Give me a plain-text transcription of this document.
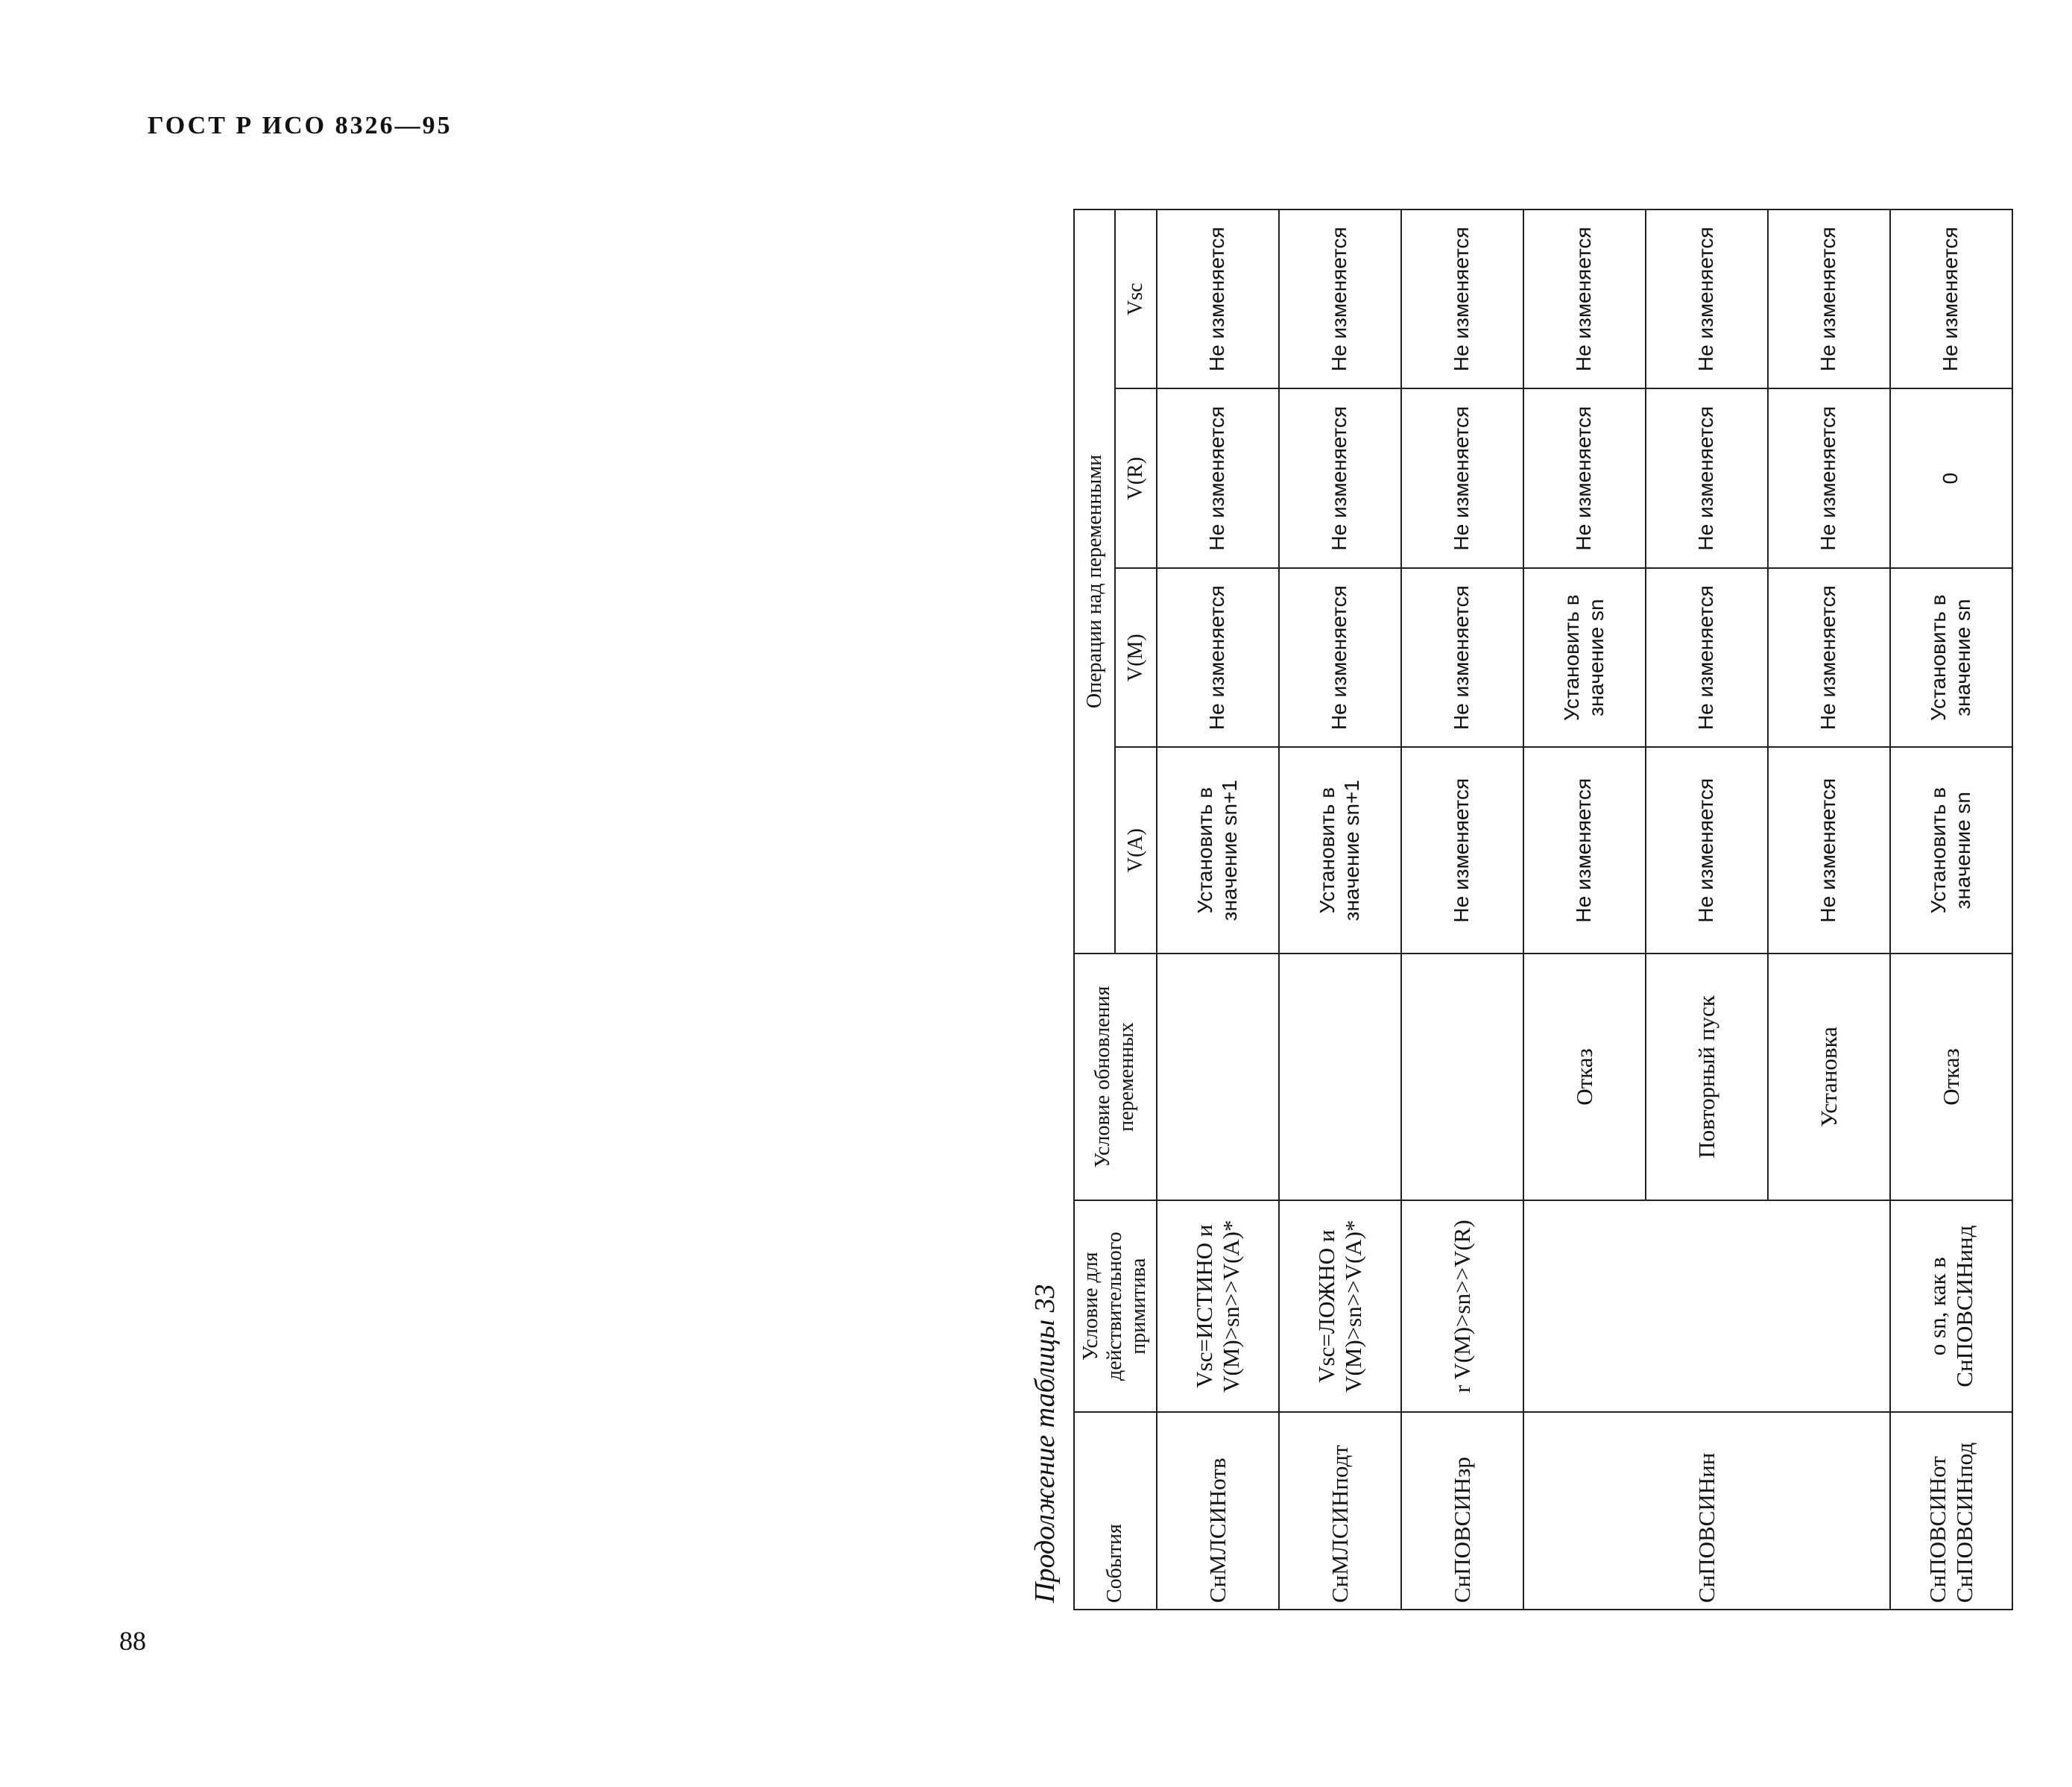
ГОСТ Р ИСО 8326—95
Продолжение таблицы 33 События	Условие для действительного примитива	Условие обновления переменных	Операции над переменными			
			V(A)	V(M)	V(R)	Vsc
СнМЛСИНотв	Vsc=ИСТИНО и V(M)>sn>>V(A)*		Установить в значение sn+1	Не изменяется	Не изменяется	Не изменяется
СнМЛСИНподт	Vsc=ЛОЖНО и V(M)>sn>>V(A)*		Установить в значение sn+1	Не изменяется	Не изменяется	Не изменяется
СнПОВСИНзр	r V(M)>sn>>V(R)		Не изменяется	Не изменяется	Не изменяется	Не изменяется
СнПОВСИНин		Отказ	Не изменяется	Установить в значение sn	Не изменяется	Не изменяется
		Повторный пуск	Не изменяется	Не изменяется	Не изменяется	Не изменяется
		Установка	Не изменяется	Не изменяется	Не изменяется	Не изменяется
СнПОВСИНот СнПОВСИНпод	о sn, как в СнПОВСИНинд	Отказ	Установить в значение sn	Установить в значение sn	0	Не изменяется
88
